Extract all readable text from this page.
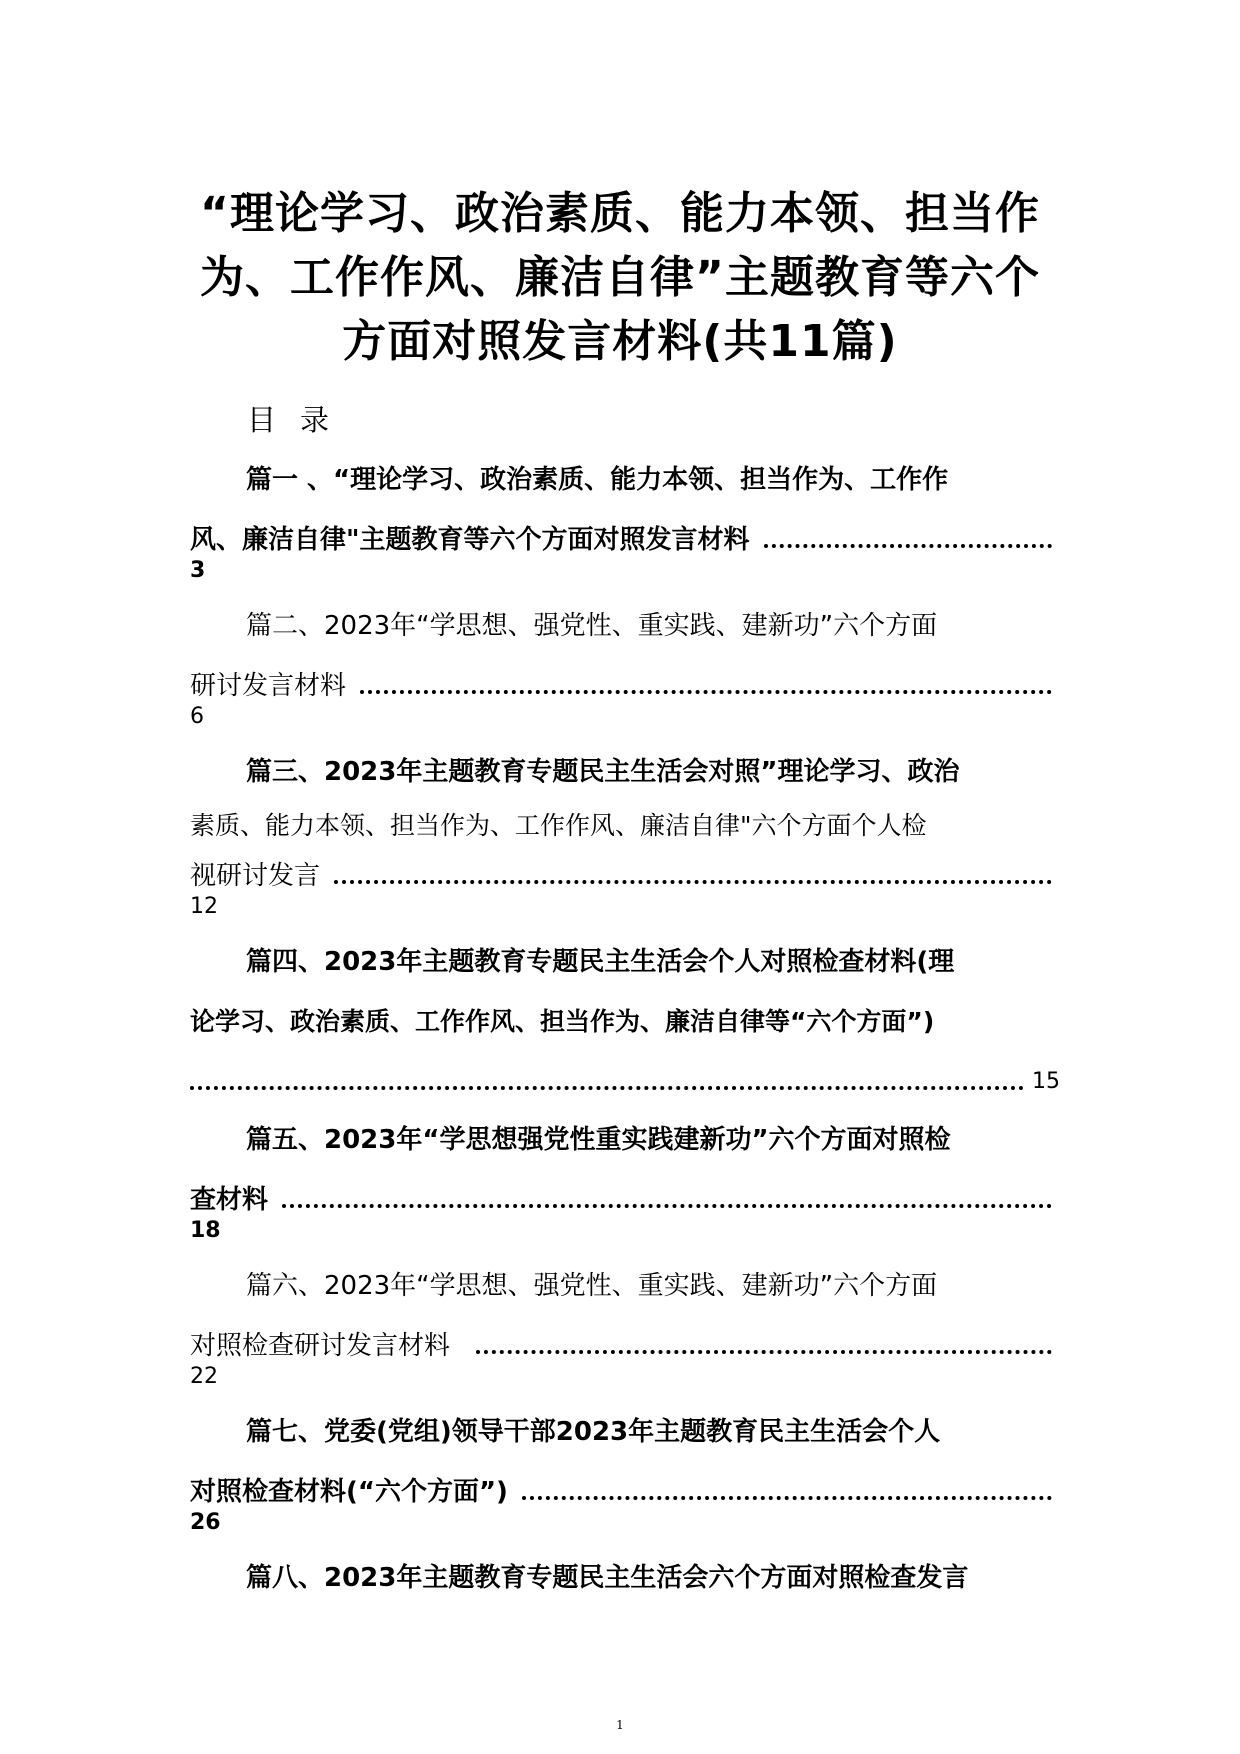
“理论学习、政治素质、能力本领、担当作
为、工作作风、廉洁自律”主题教育等六个
方面对照发言材料(共11篇)
目录
篇一 、“理论学习、政治素质、能力本领、担当作为、工作作
风、廉洁自律"主题教育等六个方面对照发言材料
3
篇二、2023年“学思想、强党性、重实践、建新功”六个方面
研讨发言材料
6
篇三、2023年主题教育专题民主生活会对照”理论学习、政治
素质、能力本领、担当作为、工作作风、廉洁自律"六个方面个人检
视研讨发言
12
篇四、2023年主题教育专题民主生活会个人对照检查材料(理
论学习、政治素质、工作作风、担当作为、廉洁自律等“六个方面”)
15
篇五、2023年“学思想强党性重实践建新功”六个方面对照检
查材料
18
篇六、2023年“学思想、强党性、重实践、建新功”六个方面
对照检查研讨发言材料
22
篇七、党委(党组)领导干部2023年主题教育民主生活会个人
对照检查材料(“六个方面”)
26
篇八、2023年主题教育专题民主生活会六个方面对照检查发言
1
